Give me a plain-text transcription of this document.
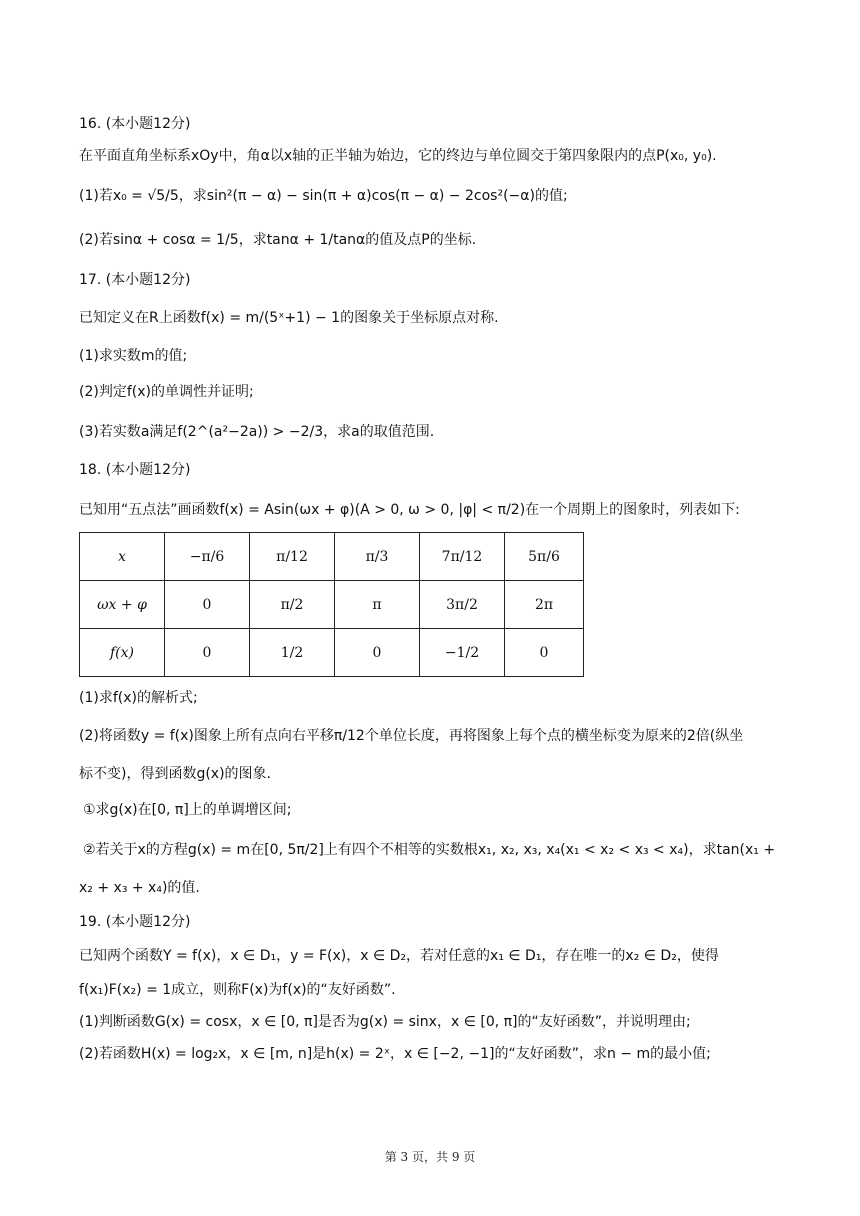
16. (本小题12分)
在平面直角坐标系xOy中，角α以x轴的正半轴为始边，它的终边与单位圆交于第四象限内的点P(x₀, y₀).
(1)若x₀ = √5/5，求sin²(π − α) − sin(π + α)cos(π − α) − 2cos²(−α)的值;
(2)若sinα + cosα = 1/5，求tanα + 1/tanα的值及点P的坐标.
17. (本小题12分)
已知定义在R上函数f(x) = m/(5ˣ+1) − 1的图象关于坐标原点对称.
(1)求实数m的值;
(2)判定f(x)的单调性并证明;
(3)若实数a满足f(2^(a²−2a)) > −2/3，求a的取值范围.
18. (本小题12分)
已知用“五点法”画函数f(x) = Asin(ωx + φ)(A > 0, ω > 0, |φ| < π/2)在一个周期上的图象时，列表如下:
x	−π/6	π/12	π/3	7π/12	5π/6
ωx + φ	0	π/2	π	3π/2	2π
f(x)	0	1/2	0	−1/2	0
(1)求f(x)的解析式;
(2)将函数y = f(x)图象上所有点向右平移π/12个单位长度，再将图象上每个点的横坐标变为原来的2倍(纵坐
标不变)，得到函数g(x)的图象.
①求g(x)在[0, π]上的单调增区间;
②若关于x的方程g(x) = m在[0, 5π/2]上有四个不相等的实数根x₁, x₂, x₃, x₄(x₁ < x₂ < x₃ < x₄)，求tan(x₁ +
x₂ + x₃ + x₄)的值.
19. (本小题12分)
已知两个函数Y = f(x)，x ∈ D₁，y = F(x)，x ∈ D₂，若对任意的x₁ ∈ D₁，存在唯一的x₂ ∈ D₂，使得
f(x₁)F(x₂) = 1成立，则称F(x)为f(x)的“友好函数”.
(1)判断函数G(x) = cosx，x ∈ [0, π]是否为g(x) = sinx，x ∈ [0, π]的“友好函数”，并说明理由;
(2)若函数H(x) = log₂x，x ∈ [m, n]是h(x) = 2ˣ，x ∈ [−2, −1]的“友好函数”，求n − m的最小值;
第 3 页，共 9 页
